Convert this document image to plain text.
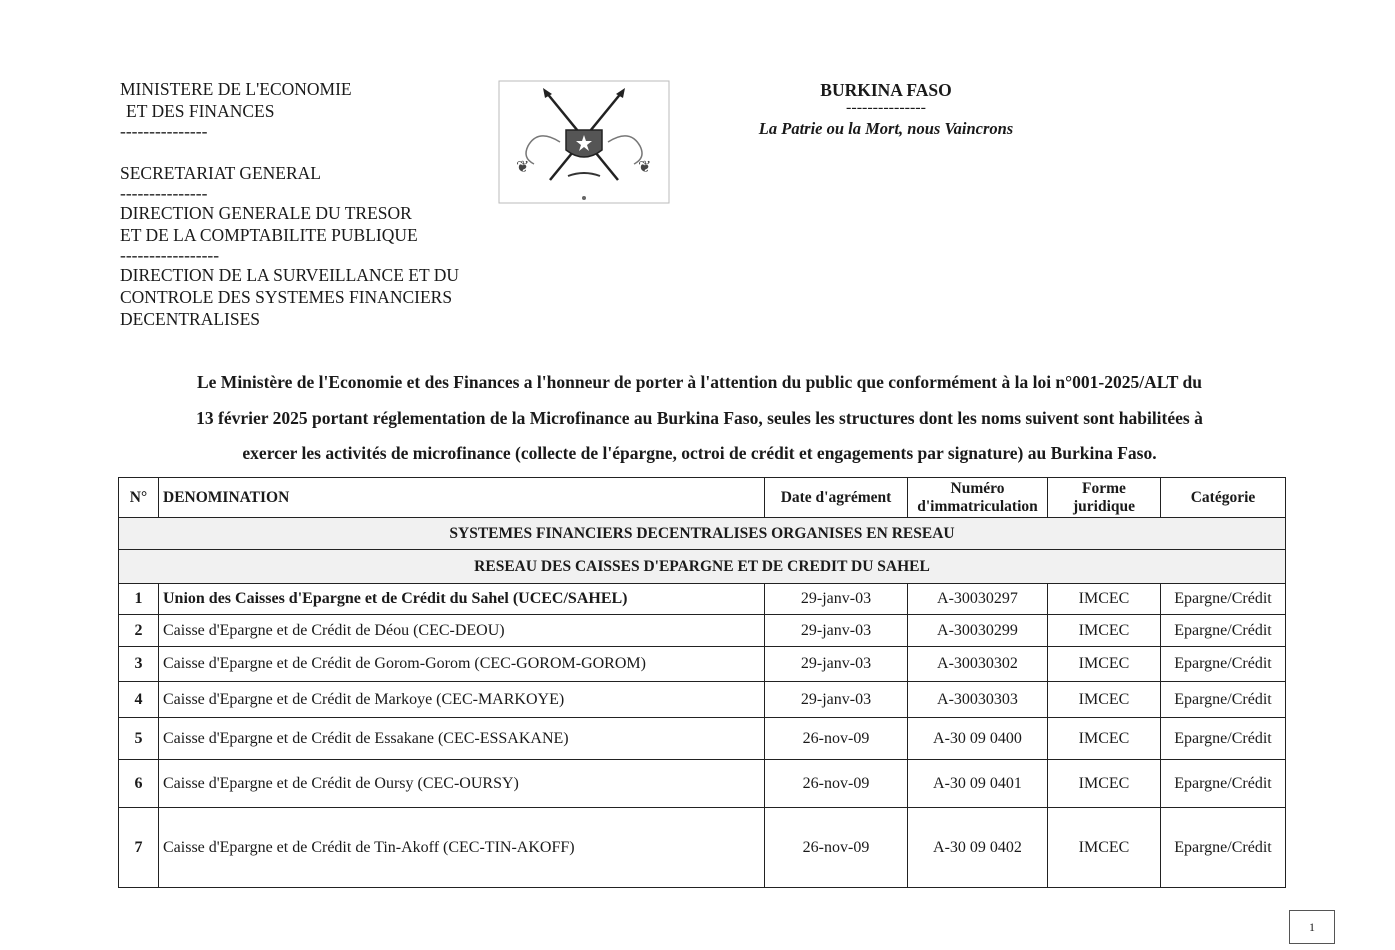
MINISTERE DE L'ECONOMIE
ET DES FINANCES
---------------
SECRETARIAT GENERAL
---------------
DIRECTION GENERALE DU TRESOR
ET DE LA COMPTABILITE PUBLIQUE
-----------------
DIRECTION DE LA SURVEILLANCE ET DU
CONTROLE DES SYSTEMES FINANCIERS
DECENTRALISES
❦	❦
BURKINA FASO
---------------
La Patrie ou la Mort, nous Vaincrons
Le Ministère de l'Economie et des Finances a l'honneur de porter à l'attention du public que conformément à la loi n°001-2025/ALT du
13 février 2025 portant réglementation de la Microfinance au Burkina Faso, seules les structures dont les noms suivent sont habilitées à
exercer les activités de microfinance (collecte de l'épargne, octroi de crédit et engagements par signature) au Burkina Faso.
N°	DENOMINATION	Date d'agrément	Numéro d'immatriculation	Forme juridique	Catégorie
SYSTEMES FINANCIERS DECENTRALISES ORGANISES EN RESEAU					
RESEAU DES CAISSES D'EPARGNE ET DE CREDIT DU SAHEL					
1	Union des Caisses d'Epargne et de Crédit du Sahel (UCEC/SAHEL)	29-janv-03	A-30030297	IMCEC	Epargne/Crédit
2	Caisse d'Epargne et de Crédit de Déou (CEC-DEOU)	29-janv-03	A-30030299	IMCEC	Epargne/Crédit
3	Caisse d'Epargne et de Crédit de Gorom-Gorom (CEC-GOROM-GOROM)	29-janv-03	A-30030302	IMCEC	Epargne/Crédit
4	Caisse d'Epargne et de Crédit de Markoye (CEC-MARKOYE)	29-janv-03	A-30030303	IMCEC	Epargne/Crédit
5	Caisse d'Epargne et de Crédit de Essakane (CEC-ESSAKANE)	26-nov-09	A-30 09 0400	IMCEC	Epargne/Crédit
6	Caisse d'Epargne et de Crédit de Oursy (CEC-OURSY)	26-nov-09	A-30 09 0401	IMCEC	Epargne/Crédit
7	Caisse d'Epargne et de Crédit de Tin-Akoff (CEC-TIN-AKOFF)	26-nov-09	A-30 09 0402	IMCEC	Epargne/Crédit
1
